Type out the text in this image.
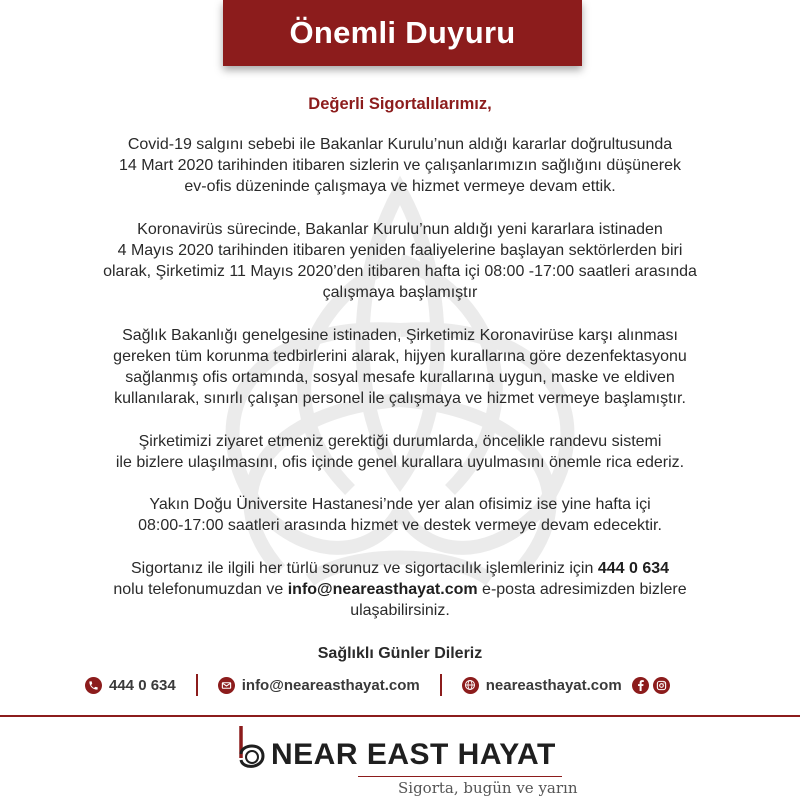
Önemli Duyuru
Değerli Sigortalılarımız,

Covid-19 salgını sebebi ile Bakanlar Kurulu’nun aldığı kararlar doğrultusunda
14 Mart 2020 tarihinden itibaren sizlerin ve çalışanlarımızın sağlığını düşünerek
ev-ofis düzeninde çalışmaya ve hizmet vermeye devam ettik.

Koronavirüs sürecinde, Bakanlar Kurulu’nun aldığı yeni kararlara istinaden
4 Mayıs 2020 tarihinden itibaren yeniden faaliyelerine başlayan sektörlerden biri
olarak, Şirketimiz 11 Mayıs 2020’den itibaren hafta içi 08:00 -17:00 saatleri arasında
çalışmaya başlamıştır

Sağlık Bakanlığı genelgesine istinaden, Şirketimiz Koronavirüse karşı alınması
gereken tüm korunma tedbirlerini alarak, hijyen kurallarına göre dezenfektasyonu
sağlanmış ofis ortamında, sosyal mesafe kurallarına uygun, maske ve eldiven
kullanılarak, sınırlı çalışan personel ile çalışmaya ve hizmet vermeye başlamıştır.

Şirketimizi ziyaret etmeniz gerektiği durumlarda, öncelikle randevu sistemi
ile bizlere ulaşılmasını, ofis içinde genel kurallara uyulmasını önemle rica ederiz.

Yakın Doğu Üniversite Hastanesi’nde yer alan ofisimiz ise yine hafta içi
08:00-17:00 saatleri arasında hizmet ve destek vermeye devam edecektir.

Sigortanız ile ilgili her türlü sorunuz ve sigortacılık işlemleriniz için 444 0 634
nolu telefonumuzdan ve info@neareasthayat.com e-posta adresimizden bizlere
ulaşabilirsiniz.

Sağlıklı Günler Dileriz
444 0 634	info@neareasthayat.com	neareasthayat.com
NEAR EAST HAYAT
Sigorta, bugün ve yarın
